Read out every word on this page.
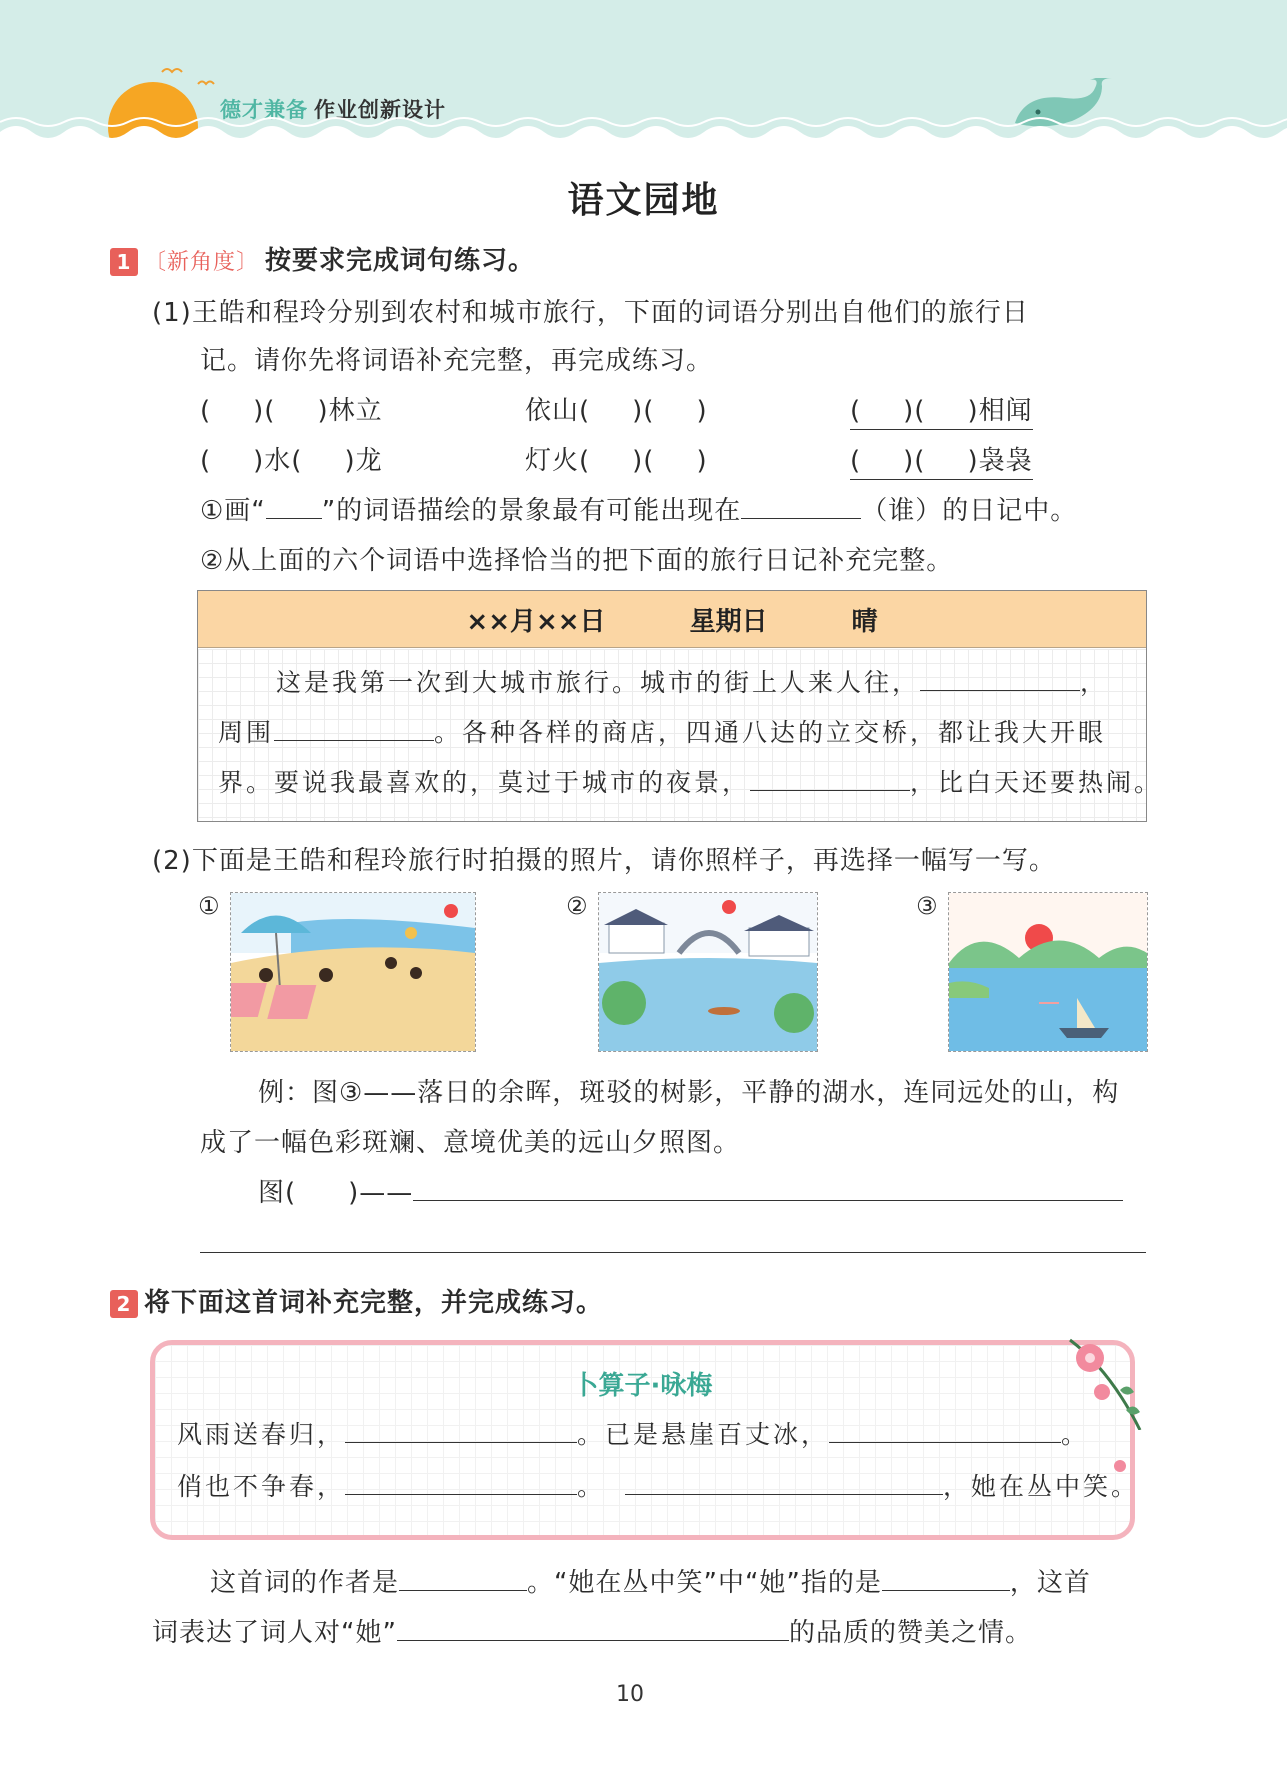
德才兼备 作业创新设计
语文园地
1 〔新角度〕 按要求完成词句练习。
(1)王皓和程玲分别到农村和城市旅行，下面的词语分别出自他们的旅行日
记。请你先将词语补充完整，再完成练习。
( )( )林立	依山( )( )	( )( )相闻
( )水( )龙	灯火( )( )	( )( )袅袅
①画“ ”的词语描绘的景象最有可能出现在	（谁）的日记中。
②从上面的六个词语中选择恰当的把下面的旅行日记补充完整。
××月××日	星期日	晴
这是我第一次到大城市旅行。城市的街上人来人往，	，
周围	。各种各样的商店，四通八达的立交桥，都让我大开眼
界。要说我最喜欢的，莫过于城市的夜景，	，比白天还要热闹。
(2)下面是王皓和程玲旅行时拍摄的照片，请你照样子，再选择一幅写一写。
①	②	③
例：图③——落日的余晖，斑驳的树影，平静的湖水，连同远处的山，构
成了一幅色彩斑斓、意境优美的远山夕照图。
图( )——
2 将下面这首词补充完整，并完成练习。
卜算子·咏梅
风雨送春归，	。已是悬崖百丈冰，	。
俏也不争春，	。	，她在丛中笑。
这首词的作者是	。“她在丛中笑”中“她”指的是	，这首
词表达了词人对“她”	的品质的赞美之情。
10
